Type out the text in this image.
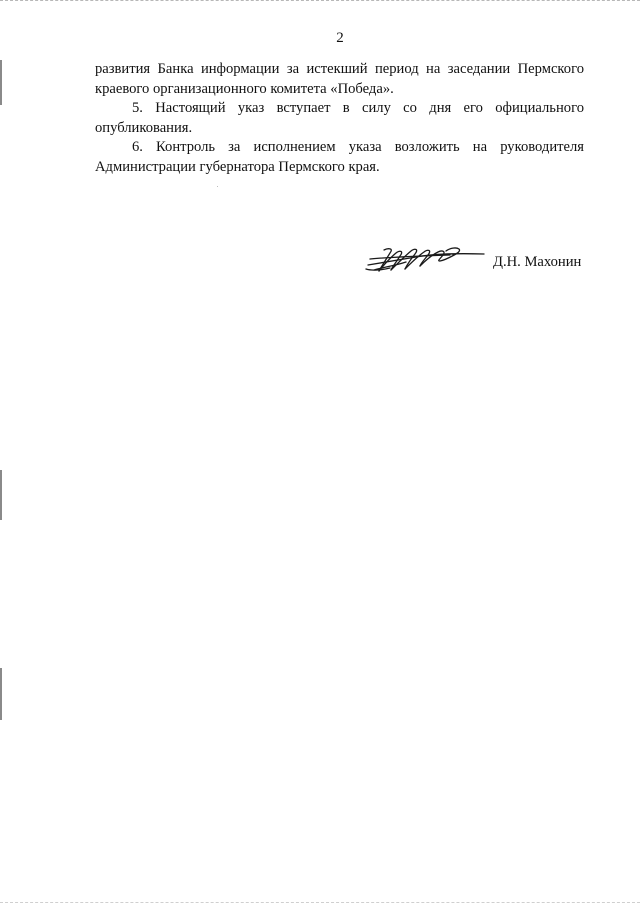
2

развития Банка информации за истекший период на заседании Пермского
краевого организационного комитета «Победа».

5. Настоящий указ вступает в силу со дня его официального
опубликования.

6. Контроль за исполнением указа возложить на руководителя
Администрации губернатора Пермского края.

Д.Н. Махонин
